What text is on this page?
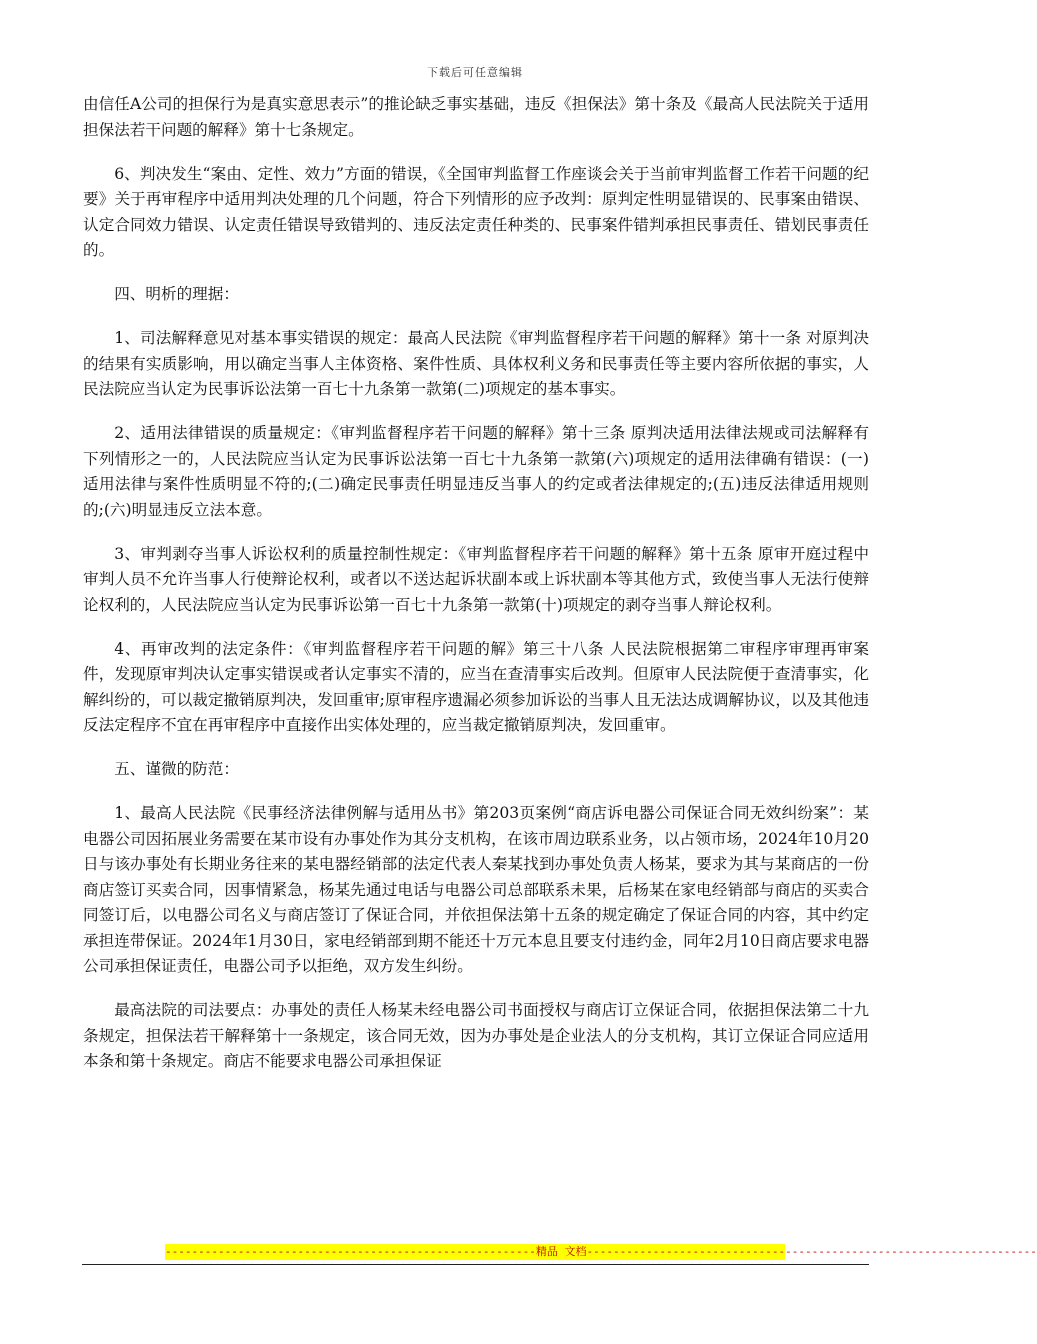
下载后可任意编辑

由信任A公司的担保行为是真实意思表示”的推论缺乏事实基础，违反《担保法》第十条及《最高人民法院关于适用担保法若干问题的解释》第十七条规定。

6、判决发生“案由、定性、效力”方面的错误，《全国审判监督工作座谈会关于当前审判监督工作若干问题的纪要》关于再审程序中适用判决处理的几个问题，符合下列情形的应予改判：原判定性明显错误的、民事案由错误、认定合同效力错误、认定责任错误导致错判的、违反法定责任种类的、民事案件错判承担民事责任、错划民事责任的。

四、明析的理据：

1、司法解释意见对基本事实错误的规定：最高人民法院《审判监督程序若干问题的解释》第十一条 对原判决的结果有实质影响，用以确定当事人主体资格、案件性质、具体权利义务和民事责任等主要内容所依据的事实，人民法院应当认定为民事诉讼法第一百七十九条第一款第(二)项规定的基本事实。

2、适用法律错误的质量规定：《审判监督程序若干问题的解释》第十三条 原判决适用法律法规或司法解释有下列情形之一的，人民法院应当认定为民事诉讼法第一百七十九条第一款第(六)项规定的适用法律确有错误：(一)适用法律与案件性质明显不符的;(二)确定民事责任明显违反当事人的约定或者法律规定的;(五)违反法律适用规则的;(六)明显违反立法本意。

3、审判剥夺当事人诉讼权利的质量控制性规定：《审判监督程序若干问题的解释》第十五条 原审开庭过程中审判人员不允许当事人行使辩论权利，或者以不送达起诉状副本或上诉状副本等其他方式，致使当事人无法行使辩论权利的，人民法院应当认定为民事诉讼第一百七十九条第一款第(十)项规定的剥夺当事人辩论权利。

4、再审改判的法定条件：《审判监督程序若干问题的解》第三十八条 人民法院根据第二审程序审理再审案件，发现原审判决认定事实错误或者认定事实不清的，应当在查清事实后改判。但原审人民法院便于查清事实，化解纠纷的，可以裁定撤销原判决，发回重审;原审程序遗漏必须参加诉讼的当事人且无法达成调解协议，以及其他违反法定程序不宜在再审程序中直接作出实体处理的，应当裁定撤销原判决，发回重审。

五、谨微的防范：

1、最高人民法院《民事经济法律例解与适用丛书》第203页案例“商店诉电器公司保证合同无效纠纷案”：某电器公司因拓展业务需要在某市设有办事处作为其分支机构，在该市周边联系业务，以占领市场，2024年10月20日与该办事处有长期业务往来的某电器经销部的法定代表人秦某找到办事处负责人杨某，要求为其与某商店的一份商店签订买卖合同，因事情紧急，杨某先通过电话与电器公司总部联系未果，后杨某在家电经销部与商店的买卖合同签订后，以电器公司名义与商店签订了保证合同，并依担保法第十五条的规定确定了保证合同的内容，其中约定承担连带保证。2024年1月30日，家电经销部到期不能还十万元本息且要支付违约金，同年2月10日商店要求电器公司承担保证责任，电器公司予以拒绝，双方发生纠纷。

最高法院的司法要点：办事处的责任人杨某未经电器公司书面授权与商店订立保证合同，依据担保法第二十九条规定，担保法若干解释第十一条规定，该合同无效，因为办事处是企业法人的分支机构，其订立保证合同应适用本条和第十条规定。商店不能要求电器公司承担保证

--------------------------------------------------------精品 文档--------------------------------------------------------------------
